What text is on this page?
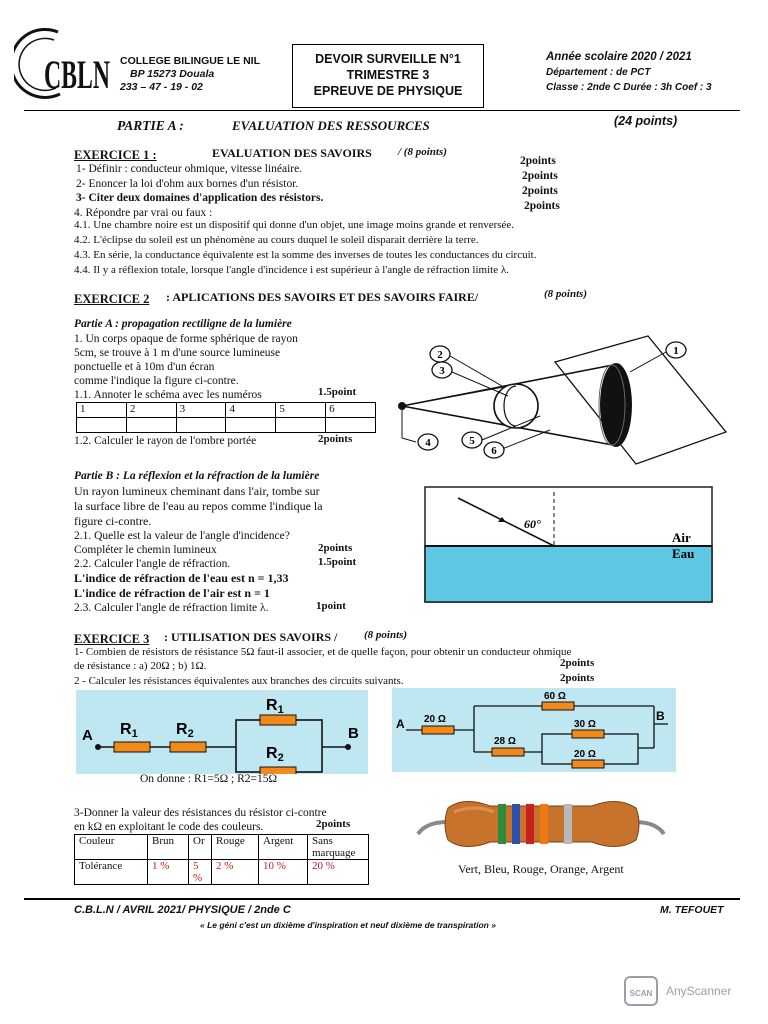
CBLN COLLEGE BILINGUE LE NIL
BP 15273 Douala
233 – 47 - 19 - 02
DEVOIR SURVEILLE N°1
TRIMESTRE 3
EPREUVE DE PHYSIQUE
Année scolaire 2020 / 2021
Département : de PCT
Classe : 2nde C Durée : 3h Coef : 3
PARTIE A :	EVALUATION DES RESSOURCES	(24 points)
EXERCICE 1 :	EVALUATION DES SAVOIRS / (8 points)
1- Définir : conducteur ohmique, vitesse linéaire.
2- Enoncer la loi d'ohm aux bornes d'un résistor.
3- Citer deux domaines d'application des résistors.
4. Répondre par vrai ou faux :
2points
2points
2points
2points
4.1. Une chambre noire est un dispositif qui donne d'un objet, une image moins grande et renversée.
4.2. L'éclipse du soleil est un phénomène au cours duquel le soleil disparait derrière la terre.
4.3. En série, la conductance équivalente est la somme des inverses de toutes les conductances du circuit.
4.4. Il y a réflexion totale, lorsque l'angle d'incidence i est supérieur à l'angle de réfraction limite λ.
EXERCICE 2 : APLICATIONS DES SAVOIRS ET DES SAVOIRS FAIRE/	(8 points)
Partie A : propagation rectiligne de la lumière
1. Un corps opaque de forme sphérique de rayon
5cm, se trouve à 1 m d'une source lumineuse
ponctuelle et à 10m d'un écran
comme l'indique la figure ci-contre.
1.1. Annoter le schéma avec les numéros	1.5point
1	2	3	4	5	6

1.2. Calculer le rayon de l'ombre portée	2points
2
3
1
4	5
6
Partie B : La réflexion et la réfraction de la lumière
Un rayon lumineux cheminant dans l'air, tombe sur
la surface libre de l'eau au repos comme l'indique la
figure ci-contre.
2.1. Quelle est la valeur de l'angle d'incidence?
Compléter le chemin lumineux	2points
2.2. Calculer l'angle de réfraction.	1.5point
L'indice de réfraction de l'eau est n = 1,33
L'indice de réfraction de l'air est n = 1
2.3. Calculer l'angle de réfraction limite λ.	1point
60°
Air
Eau
EXERCICE 3 : UTILISATION DES SAVOIRS / (8 points)
1- Combien de résistors de résistance 5Ω faut-il associer, et de quelle façon, pour obtenir un conducteur ohmique
de résistance : a) 20Ω ; b) 1Ω.	2points
2 - Calculer les résistances équivalentes aux branches des circuits suivants.	2points
A	B
R1 R2
R1
R2
On donne : R1=5Ω ; R2=15Ω
A
B
20 Ω
60 Ω
28 Ω
30 Ω
20 Ω
3-Donner la valeur des résistances du résistor ci-contre
en kΩ en exploitant le code des couleurs.	2points
Couleur	Brun	Or	Rouge	Argent	Sans marquage
Tolérance	1 %	5 %	2 %	10 %	20 %	Vert, Bleu, Rouge, Orange, Argent
C.B.L.N / AVRIL 2021/ PHYSIQUE / 2nde C	M. TEFOUET
« Le géni c'est un dixième d'inspiration et neuf dixième de transpiration »
SCAN AnyScanner
